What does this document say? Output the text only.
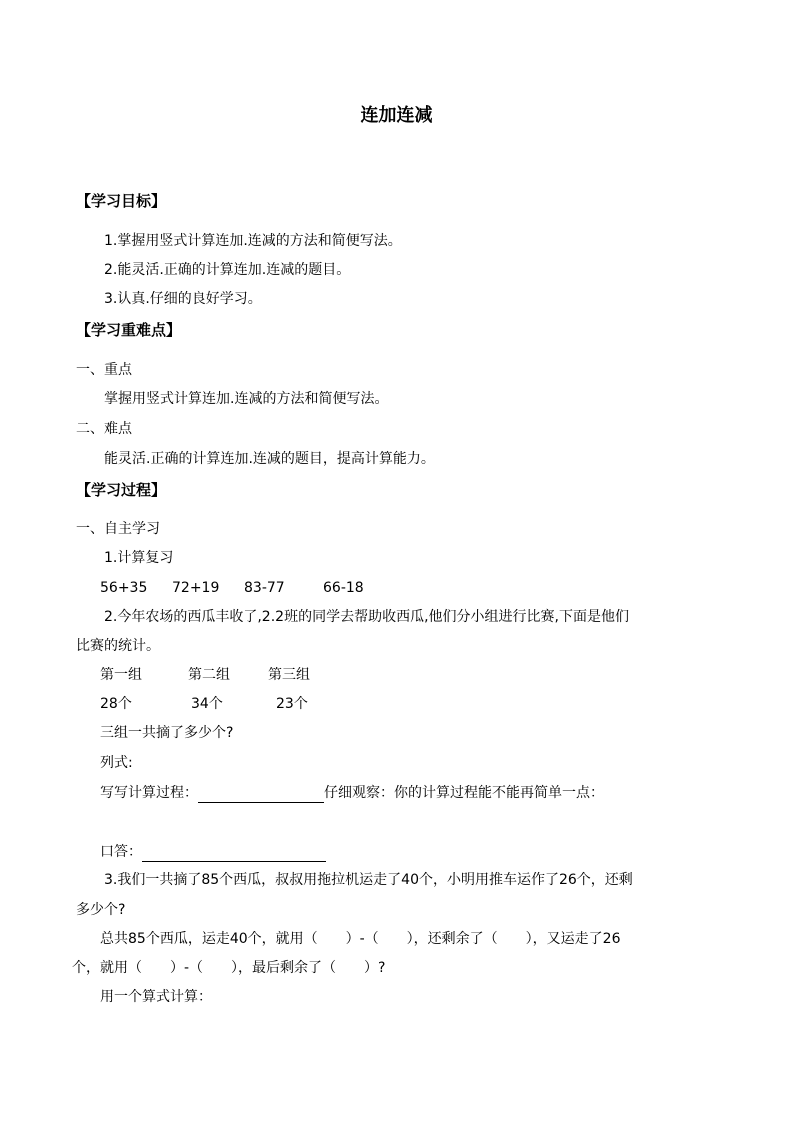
连加连减
【学习目标】
1.掌握用竖式计算连加.连减的方法和简便写法。
2.能灵活.正确的计算连加.连减的题目。
3.认真.仔细的良好学习。
【学习重难点】
一、重点
掌握用竖式计算连加.连减的方法和简便写法。
二、难点
能灵活.正确的计算连加.连减的题目，提高计算能力。
【学习过程】
一、自主学习
1.计算复习
56+35 72+19 83-77	66-18
2.今年农场的西瓜丰收了,2.2班的同学去帮助收西瓜,他们分小组进行比赛,下面是他们
比赛的统计。
第一组	第二组	第三组
28个	34个	23个
三组一共摘了多少个?
列式:
写写计算过程：	仔细观察：你的计算过程能不能再简单一点：
口答：
3.我们一共摘了85个西瓜，叔叔用拖拉机运走了40个，小明用推车运作了26个，还剩
多少个?
总共85个西瓜，运走40个，就用（　　）-（　　），还剩余了（　　），又运走了26
个，就用（　　）-（　　），最后剩余了（　　）?
用一个算式计算：
